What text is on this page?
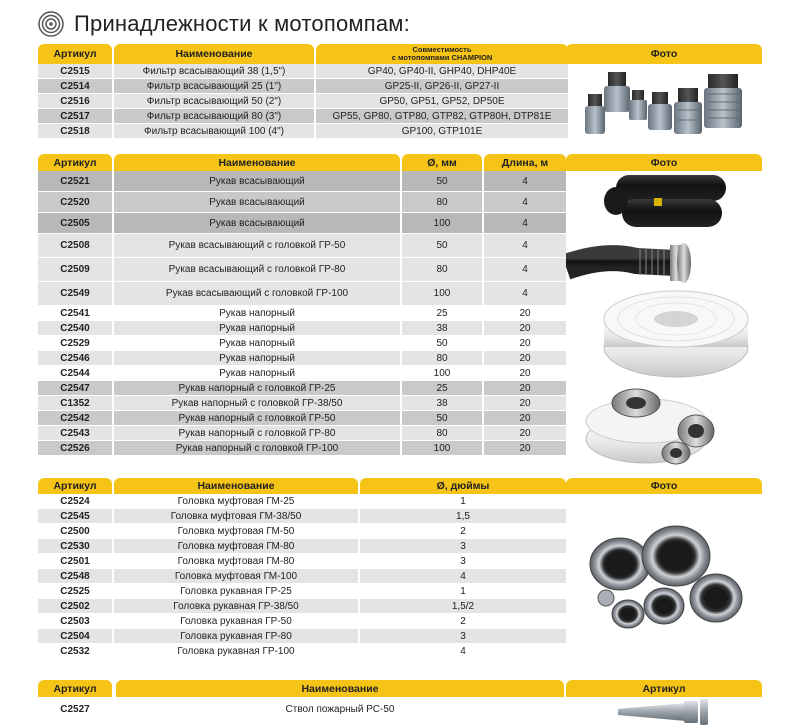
Принадлежности к мотопомпам:
Артикул	Наименование	Совместимость
с мотопомпами CHAMPION
C2515	Фильтр всасывающий 38 (1,5")	GP40, GP40-II, GHP40, DHP40E
C2514	Фильтр всасывающий 25 (1")	GP25-II, GP26-II, GP27-II
C2516	Фильтр всасывающий 50 (2")	GP50, GP51, GP52, DP50E
C2517	Фильтр всасывающий 80 (3")	GP55, GP80, GTP80, GTP82, GTP80H, DTP81E
C2518	Фильтр всасывающий 100 (4")	GP100, GTP101E
Фото
Артикул	Наименование	Ø, мм	Длина, м
C2521	Рукав всасывающий	50	4
C2520	Рукав всасывающий	80	4
C2505	Рукав всасывающий	100	4
C2508	Рукав всасывающий с головкой ГР-50	50	4
C2509	Рукав всасывающий с головкой ГР-80	80	4
C2549	Рукав всасывающий с головкой ГР-100	100	4
C2541	Рукав напорный	25	20
C2540	Рукав напорный	38	20
C2529	Рукав напорный	50	20
C2546	Рукав напорный	80	20
C2544	Рукав напорный	100	20
C2547	Рукав напорный с головкой ГР-25	25	20
C1352	Рукав напорный с головкой ГР-38/50	38	20
C2542	Рукав напорный с головкой ГР-50	50	20
C2543	Рукав напорный с головкой ГР-80	80	20
C2526	Рукав напорный с головкой ГР-100	100	20
Фото
Артикул	Наименование	Ø, дюймы
C2524	Головка муфтовая ГМ-25	1
C2545	Головка муфтовая ГМ-38/50	1,5
C2500	Головка муфтовая ГМ-50	2
C2530	Головка муфтовая ГМ-80	3
C2501	Головка муфтовая ГМ-80	3
C2548	Головка муфтовая ГМ-100	4
C2525	Головка рукавная ГР-25	1
C2502	Головка рукавная ГР-38/50	1,5/2
C2503	Головка рукавная ГР-50	2
C2504	Головка рукавная ГР-80	3
C2532	Головка рукавная ГР-100	4
Фото
Артикул	Наименование
C2527	Ствол пожарный РС-50
Артикул
